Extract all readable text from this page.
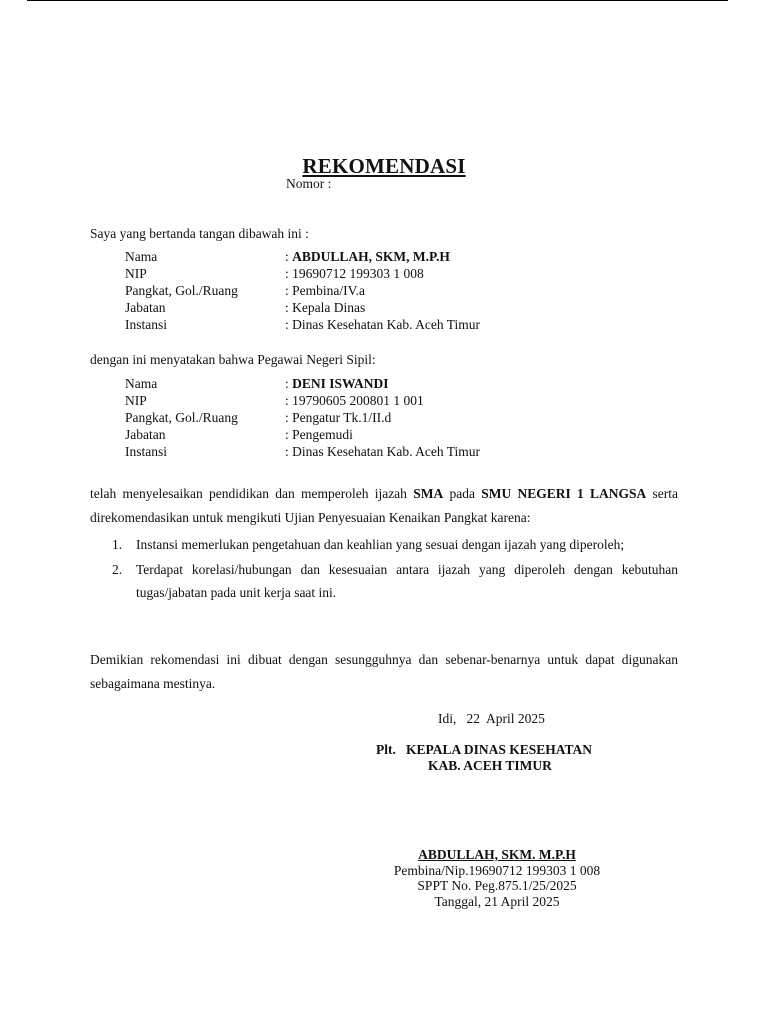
REKOMENDASI
Nomor :
Saya yang bertanda tangan dibawah ini :
Nama	: ABDULLAH, SKM, M.P.H
NIP	: 19690712 199303 1 008
Pangkat, Gol./Ruang	: Pembina/IV.a
Jabatan	: Kepala Dinas
Instansi	: Dinas Kesehatan Kab. Aceh Timur
dengan ini menyatakan bahwa Pegawai Negeri Sipil:
Nama	: DENI ISWANDI
NIP	: 19790605 200801 1 001
Pangkat, Gol./Ruang	: Pengatur Tk.1/II.d
Jabatan	: Pengemudi
Instansi	: Dinas Kesehatan Kab. Aceh Timur
telah menyelesaikan pendidikan dan memperoleh ijazah SMA pada SMU NEGERI 1 LANGSA serta direkomendasikan untuk mengikuti Ujian Penyesuaian Kenaikan Pangkat karena:
1. Instansi memerlukan pengetahuan dan keahlian yang sesuai dengan ijazah yang diperoleh;
2. Terdapat korelasi/hubungan dan kesesuaian antara ijazah yang diperoleh dengan kebutuhan tugas/jabatan pada unit kerja saat ini.
Demikian rekomendasi ini dibuat dengan sesungguhnya dan sebenar-benarnya untuk dapat digunakan sebagaimana mestinya.
Idi,   22  April 2025
Plt.   KEPALA DINAS KESEHATAN
KAB. ACEH TIMUR
ABDULLAH, SKM. M.P.H
Pembina/Nip.19690712 199303 1 008
SPPT No. Peg.875.1/25/2025
Tanggal, 21 April 2025
